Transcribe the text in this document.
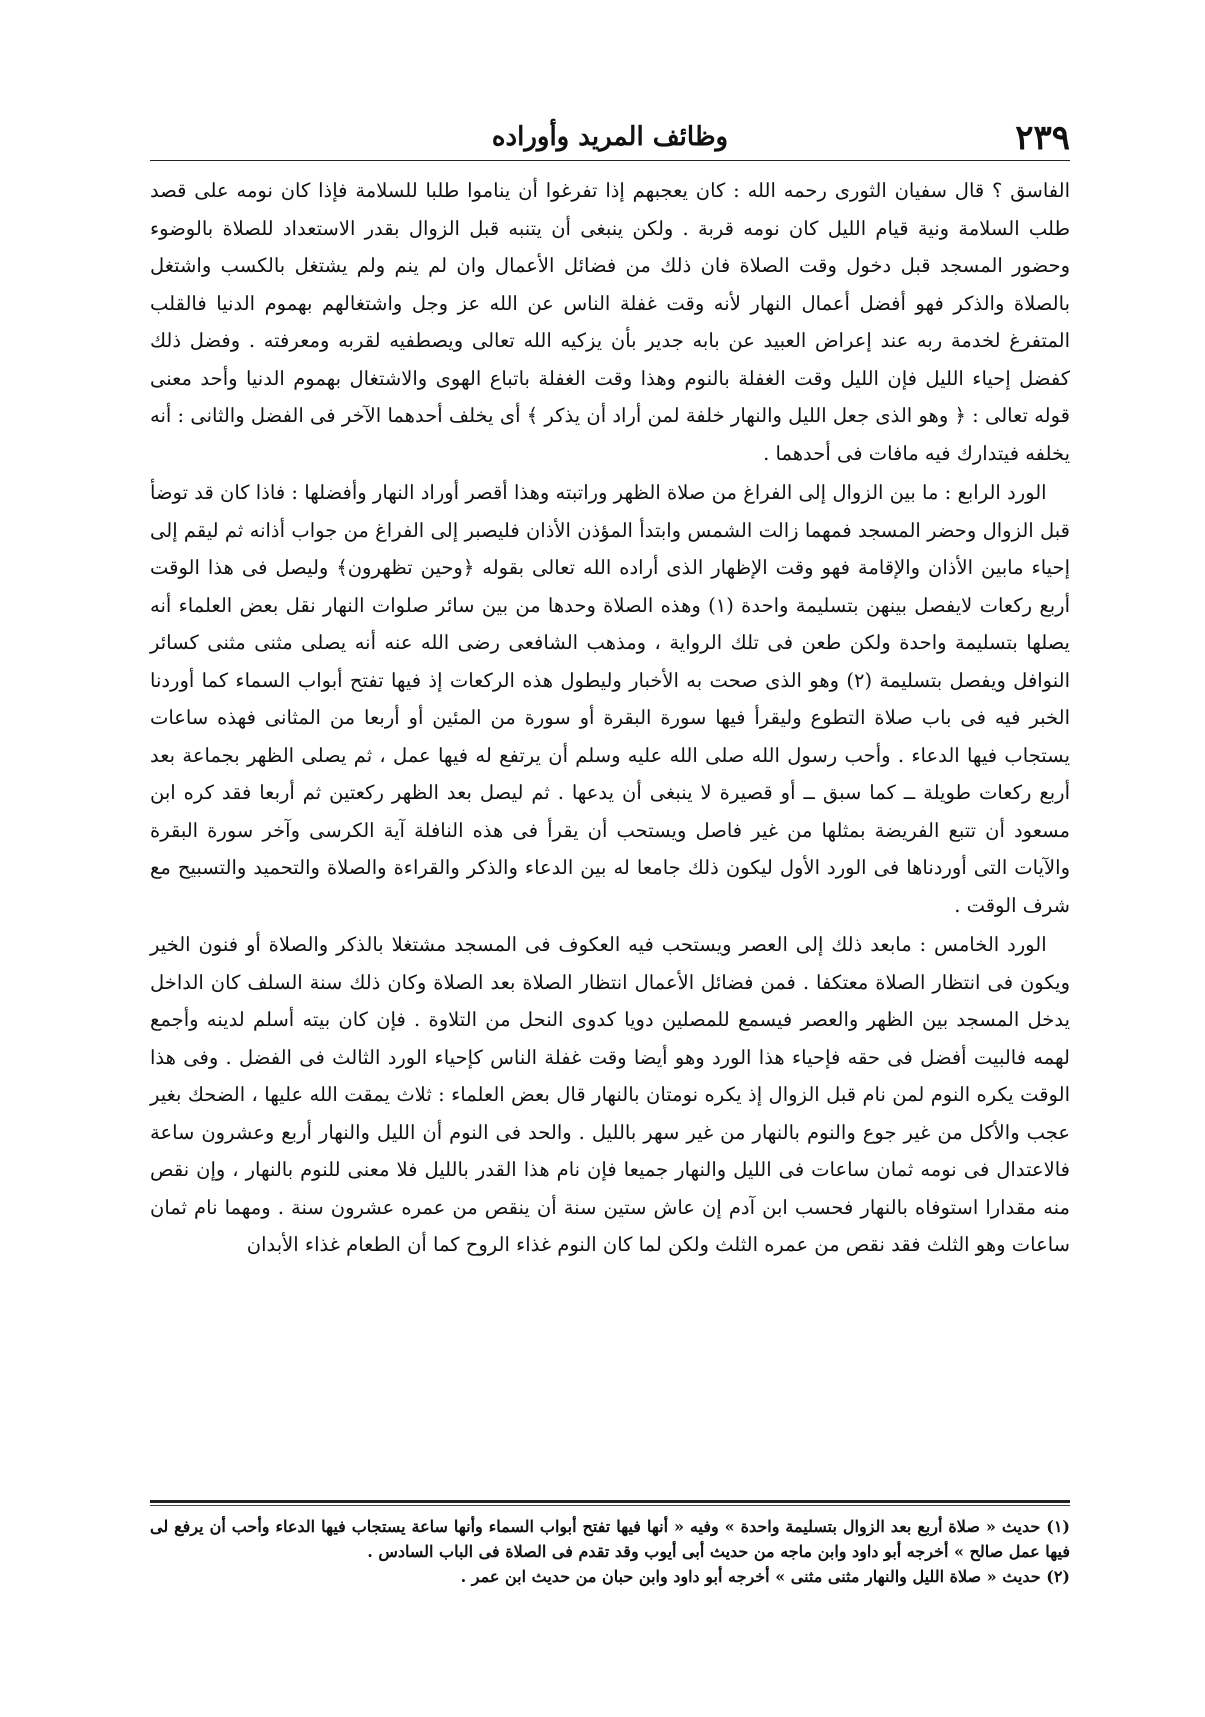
٢٣٩
وظائف المريد وأوراده

الفاسق ؟ قال سفيان الثورى رحمه الله : كان يعجبهم إذا تفرغوا أن يناموا طلبا للسلامة فإذا كان نومه على قصد طلب السلامة ونية قيام الليل كان نومه قربة . ولكن ينبغى أن يتنبه قبل الزوال بقدر الاستعداد للصلاة بالوضوء وحضور المسجد قبل دخول وقت الصلاة فان ذلك من فضائل الأعمال وان لم ينم ولم يشتغل بالكسب واشتغل بالصلاة والذكر فهو أفضل أعمال النهار لأنه وقت غفلة الناس عن الله عز وجل واشتغالهم بهموم الدنيا فالقلب المتفرغ لخدمة ربه عند إعراض العبيد عن بابه جدير بأن يزكيه الله تعالى ويصطفيه لقربه ومعرفته . وفضل ذلك كفضل إحياء الليل فإن الليل وقت الغفلة بالنوم وهذا وقت الغفلة باتباع الهوى والاشتغال بهموم الدنيا وأحد معنى قوله تعالى : ﴿ وهو الذى جعل الليل والنهار خلفة لمن أراد أن يذكر ﴾ أى يخلف أحدهما الآخر فى الفضل والثانى : أنه يخلفه فيتدارك فيه مافات فى أحدهما .

الورد الرابع : ما بين الزوال إلى الفراغ من صلاة الظهر وراتبته وهذا أقصر أوراد النهار وأفضلها : فاذا كان قد توضأ قبل الزوال وحضر المسجد فمهما زالت الشمس وابتدأ المؤذن الأذان فليصبر إلى الفراغ من جواب أذانه ثم ليقم إلى إحياء مابين الأذان والإقامة فهو وقت الإظهار الذى أراده الله تعالى بقوله ﴿وحين تظهرون﴾ وليصل فى هذا الوقت أربع ركعات لايفصل بينهن بتسليمة واحدة (١) وهذه الصلاة وحدها من بين سائر صلوات النهار نقل بعض العلماء أنه يصلها بتسليمة واحدة ولكن طعن فى تلك الرواية ، ومذهب الشافعى رضى الله عنه أنه يصلى مثنى مثنى كسائر النوافل ويفصل بتسليمة (٢) وهو الذى صحت به الأخبار وليطول هذه الركعات إذ فيها تفتح أبواب السماء كما أوردنا الخبر فيه فى باب صلاة التطوع وليقرأ فيها سورة البقرة أو سورة من المئين أو أربعا من المثانى فهذه ساعات يستجاب فيها الدعاء . وأحب رسول الله صلى الله عليه وسلم أن يرتفع له فيها عمل ، ثم يصلى الظهر بجماعة بعد أربع ركعات طويلة ــ كما سبق ــ أو قصيرة لا ينبغى أن يدعها . ثم ليصل بعد الظهر ركعتين ثم أربعا فقد كره ابن مسعود أن تتبع الفريضة بمثلها من غير فاصل ويستحب أن يقرأ فى هذه النافلة آية الكرسى وآخر سورة البقرة والآيات التى أوردناها فى الورد الأول ليكون ذلك جامعا له بين الدعاء والذكر والقراءة والصلاة والتحميد والتسبيح مع شرف الوقت .

الورد الخامس : مابعد ذلك إلى العصر ويستحب فيه العكوف فى المسجد مشتغلا بالذكر والصلاة أو فنون الخير ويكون فى انتظار الصلاة معتكفا . فمن فضائل الأعمال انتظار الصلاة بعد الصلاة وكان ذلك سنة السلف كان الداخل يدخل المسجد بين الظهر والعصر فيسمع للمصلين دويا كدوى النحل من التلاوة . فإن كان بيته أسلم لدينه وأجمع لهمه فالبيت أفضل فى حقه فإحياء هذا الورد وهو أيضا وقت غفلة الناس كإحياء الورد الثالث فى الفضل . وفى هذا الوقت يكره النوم لمن نام قبل الزوال إذ يكره نومتان بالنهار قال بعض العلماء : ثلاث يمقت الله عليها ، الضحك بغير عجب والأكل من غير جوع والنوم بالنهار من غير سهر بالليل . والحد فى النوم أن الليل والنهار أربع وعشرون ساعة فالاعتدال فى نومه ثمان ساعات فى الليل والنهار جميعا فإن نام هذا القدر بالليل فلا معنى للنوم بالنهار ، وإن نقص منه مقدارا استوفاه بالنهار فحسب ابن آدم إن عاش ستين سنة أن ينقص من عمره عشرون سنة . ومهما نام ثمان ساعات وهو الثلث فقد نقص من عمره الثلث ولكن لما كان النوم غذاء الروح كما أن الطعام غذاء الأبدان

(١) حديث « صلاة أربع بعد الزوال بتسليمة واحدة » وفيه « أنها فيها تفتح أبواب السماء وأنها ساعة يستجاب فيها الدعاء وأحب أن يرفع لى فيها عمل صالح » أخرجه أبو داود وابن ماجه من حديث أبى أيوب وقد تقدم فى الصلاة فى الباب السادس .

(٢) حديث « صلاة الليل والنهار مثنى مثنى » أخرجه أبو داود وابن حبان من حديث ابن عمر .
